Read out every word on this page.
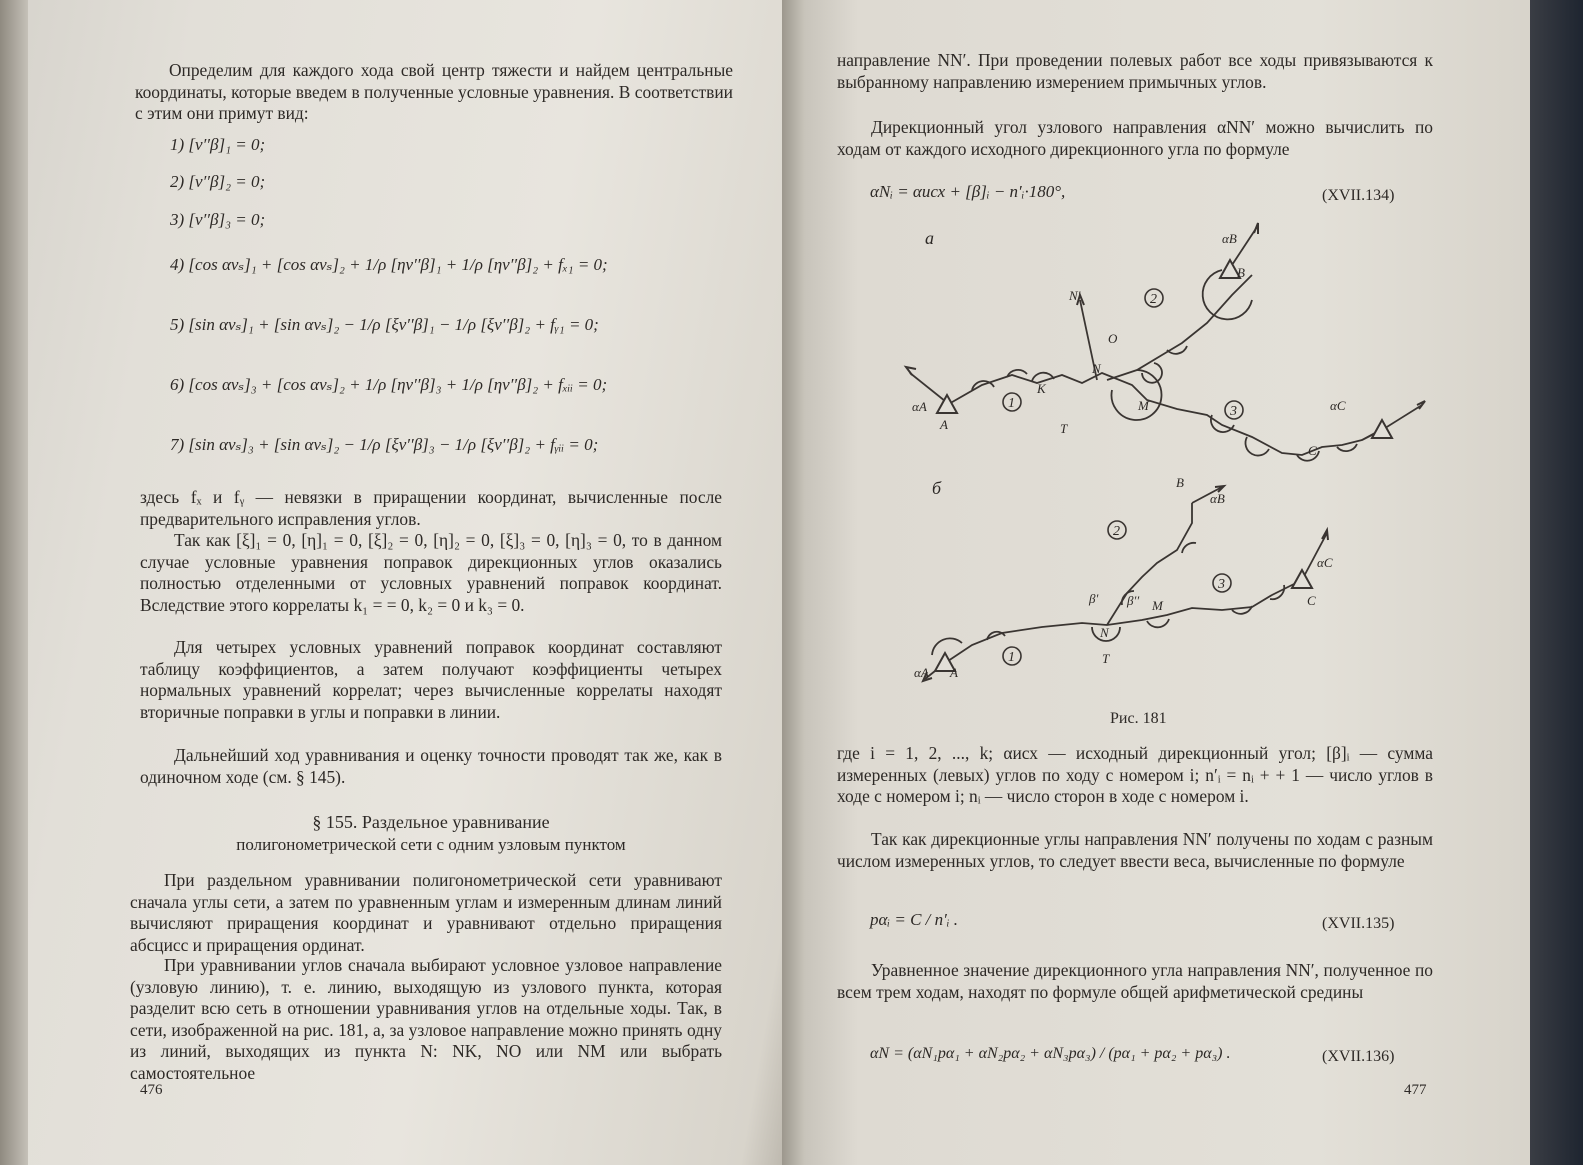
Определим для каждого хода свой центр тяжести и найдем центральные координаты, которые введем в полученные условные уравнения. В соответствии с этим они примут вид:
1) [v′′β]₁ = 0;
2) [v′′β]₂ = 0;
3) [v′′β]₃ = 0;
4) [cos αvₛ]₁ + [cos αvₛ]₂ + 1/ρ [ηv′′β]₁ + 1/ρ [ηv′′β]₂ + fₓ₁ = 0;
5) [sin αvₛ]₁ + [sin αvₛ]₂ − 1/ρ [ξv′′β]₁ − 1/ρ [ξv′′β]₂ + fᵧ₁ = 0;
6) [cos αvₛ]₃ + [cos αvₛ]₂ + 1/ρ [ηv′′β]₃ + 1/ρ [ηv′′β]₂ + fₓᵢᵢ = 0;
7) [sin αvₛ]₃ + [sin αvₛ]₂ − 1/ρ [ξv′′β]₃ − 1/ρ [ξv′′β]₂ + fᵧᵢᵢ = 0;
здесь fₓ и fᵧ — невязки в приращении координат, вычисленные после предварительного исправления углов.
Так как [ξ]₁ = 0, [η]₁ = 0, [ξ]₂ = 0, [η]₂ = 0, [ξ]₃ = 0, [η]₃ = 0, то в данном случае условные уравнения поправок дирекционных углов оказались полностью отделенными от условных уравнений поправок координат. Вследствие этого коррелаты k₁ = = 0, k₂ = 0 и k₃ = 0.
Для четырех условных уравнений поправок координат составляют таблицу коэффициентов, а затем получают коэффициенты четырех нормальных уравнений коррелат; через вычисленные коррелаты находят вторичные поправки в углы и поправки в линии.
Дальнейший ход уравнивания и оценку точности проводят так же, как в одиночном ходе (см. § 145).
§ 155. Раздельное уравнивание
полигонометрической сети с одним узловым пунктом
При раздельном уравнивании полигонометрической сети уравнивают сначала углы сети, а затем по уравненным углам и измеренным длинам линий вычисляют приращения координат и уравнивают отдельно приращения абсцисс и приращения ординат.
При уравнивании углов сначала выбирают условное узловое направление (узловую линию), т. е. линию, выходящую из узлового пункта, которая разделит всю сеть в отношении уравнивания углов на отдельные ходы. Так, в сети, изображенной на рис. 181, а, за узловое направление можно принять одну из линий, выходящих из пункта N: NK, NO или NM или выбрать самостоятельное
476
направление NN′. При проведении полевых работ все ходы привязываются к выбранному направлению измерением примычных углов.
Дирекционный угол узлового направления αNN′ можно вычислить по ходам от каждого исходного дирекционного угла по формуле
αNᵢ = αисх + [β]ᵢ − n′ᵢ·180°,	(XVII.134)
а
б
1
2
3
αA
A
K
N
N′
O
αB
B
M
C
αC
T
1
2
3
αA A
N
β′ β′′ M
B
αB
C
αC
T
Рис. 181
где i = 1, 2, ..., k; αисх — исходный дирекционный угол; [β]ᵢ — сумма измеренных (левых) углов по ходу с номером i; n′ᵢ = nᵢ + + 1 — число углов в ходе с номером i; nᵢ — число сторон в ходе с номером i.
Так как дирекционные углы направления NN′ получены по ходам с разным числом измеренных углов, то следует ввести веса, вычисленные по формуле
pαᵢ = C / n′ᵢ .	(XVII.135)
Уравненное значение дирекционного угла направления NN′, полученное по всем трем ходам, находят по формуле общей арифметической средины
αN = (αN₁pα₁ + αN₂pα₂ + αN₃pα₃) / (pα₁ + pα₂ + pα₃) .	(XVII.136)
477
